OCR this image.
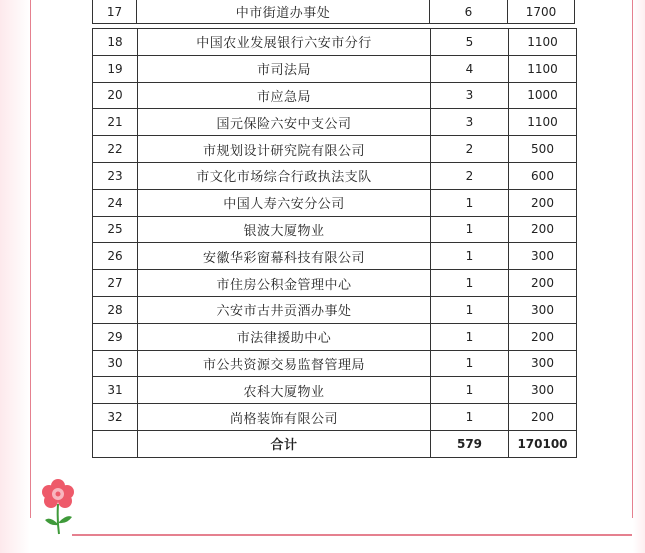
17	中市街道办事处	6	1700
18	中国农业发展银行六安市分行	5	1100
19	市司法局	4	1100
20	市应急局	3	1000
21	国元保险六安中支公司	3	1100
22	市规划设计研究院有限公司	2	500
23	市文化市场综合行政执法支队	2	600
24	中国人寿六安分公司	1	200
25	银波大厦物业	1	200
26	安徽华彩窗幕科技有限公司	1	300
27	市住房公积金管理中心	1	200
28	六安市古井贡酒办事处	1	300
29	市法律援助中心	1	200
30	市公共资源交易监督管理局	1	300
31	农科大厦物业	1	300
32	尚格装饰有限公司	1	200
	合计	579	170100
